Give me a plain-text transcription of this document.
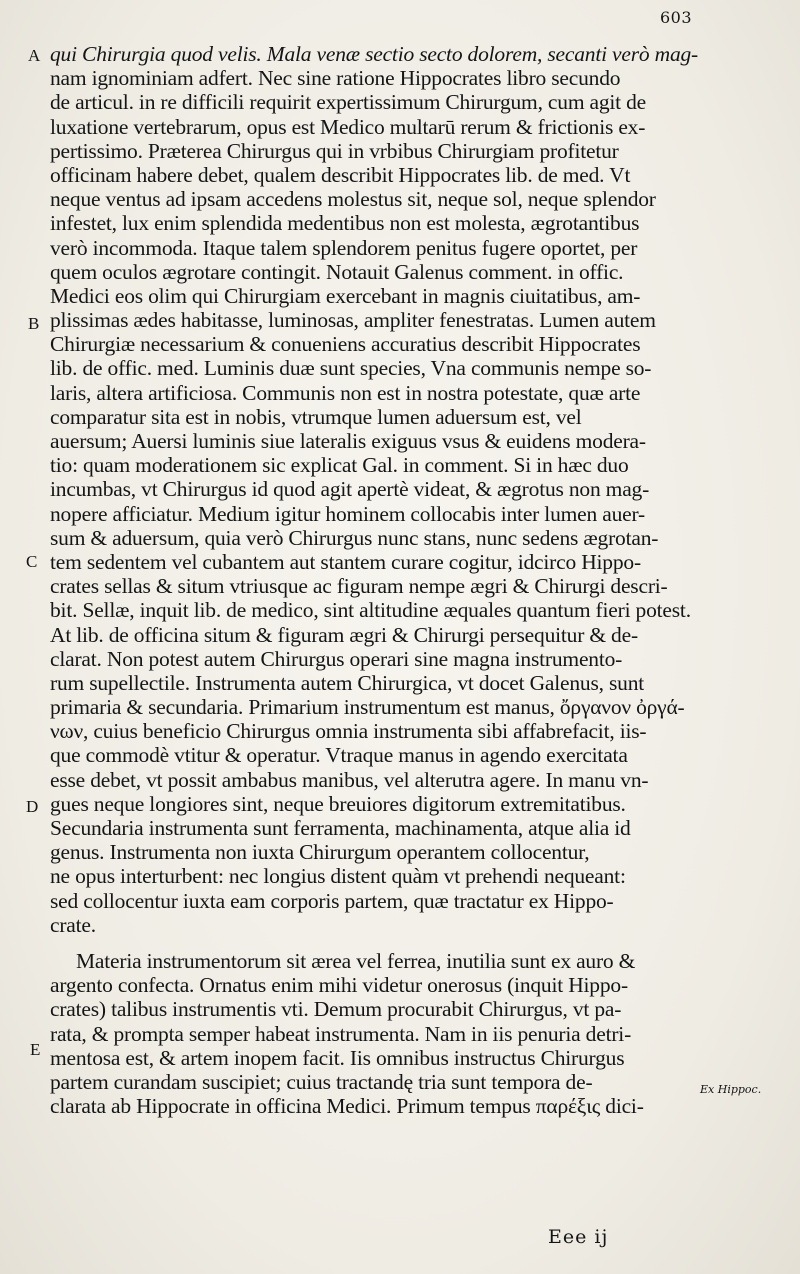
603
A
B
C
D
E
qui Chirurgia quod velis. Mala venæ sectio secto dolorem, secanti verò mag-
nam ignominiam adfert. Nec sine ratione Hippocrates libro secundo
de articul. in re difficili requirit expertissimum Chirurgum, cum agit de
luxatione vertebrarum, opus est Medico multarū rerum & frictionis ex-
pertissimo. Præterea Chirurgus qui in vrbibus Chirurgiam profitetur
officinam habere debet, qualem describit Hippocrates lib. de med. Vt
neque ventus ad ipsam accedens molestus sit, neque sol, neque splendor
infestet, lux enim splendida medentibus non est molesta, ægrotantibus
verò incommoda. Itaque talem splendorem penitus fugere oportet, per
quem oculos ægrotare contingit. Notauit Galenus comment. in offic.
Medici eos olim qui Chirurgiam exercebant in magnis ciuitatibus, am-
plissimas ædes habitasse, luminosas, ampliter fenestratas. Lumen autem
Chirurgiæ necessarium & conueniens accuratius describit Hippocrates
lib. de offic. med. Luminis duæ sunt species, Vna communis nempe so-
laris, altera artificiosa. Communis non est in nostra potestate, quæ arte
comparatur sita est in nobis, vtrumque lumen aduersum est, vel
auersum; Auersi luminis siue lateralis exiguus vsus & euidens modera-
tio: quam moderationem sic explicat Gal. in comment. Si in hæc duo
incumbas, vt Chirurgus id quod agit apertè videat, & ægrotus non mag-
nopere afficiatur. Medium igitur hominem collocabis inter lumen auer-
sum & aduersum, quia verò Chirurgus nunc stans, nunc sedens ægrotan-
tem sedentem vel cubantem aut stantem curare cogitur, idcirco Hippo-
crates sellas & situm vtriusque ac figuram nempe ægri & Chirurgi descri-
bit. Sellæ, inquit lib. de medico, sint altitudine æquales quantum fieri potest.
At lib. de officina situm & figuram ægri & Chirurgi persequitur & de-
clarat. Non potest autem Chirurgus operari sine magna instrumento-
rum supellectile. Instrumenta autem Chirurgica, vt docet Galenus, sunt
primaria & secundaria. Primarium instrumentum est manus, ὄργανον ὀργά-
νων, cuius beneficio Chirurgus omnia instrumenta sibi affabrefacit, iis-
que commodè vtitur & operatur. Vtraque manus in agendo exercitata
esse debet, vt possit ambabus manibus, vel alterutra agere. In manu vn-
gues neque longiores sint, neque breuiores digitorum extremitatibus.
Secundaria instrumenta sunt ferramenta, machinamenta, atque alia id
genus. Instrumenta non iuxta Chirurgum operantem collocentur,
ne opus interturbent: nec longius distent quàm vt prehendi nequeant:
sed collocentur iuxta eam corporis partem, quæ tractatur ex Hippo-
crate.
Materia instrumentorum sit ærea vel ferrea, inutilia sunt ex auro &
argento confecta. Ornatus enim mihi videtur onerosus (inquit Hippo-
crates) talibus instrumentis vti. Demum procurabit Chirurgus, vt pa-
rata, & prompta semper habeat instrumenta. Nam in iis penuria detri-
mentosa est, & artem inopem facit. Iis omnibus instructus Chirurgus
partem curandam suscipiet; cuius tractandę tria sunt tempora de-
clarata ab Hippocrate in officina Medici. Primum tempus παρέξις dici-
Ex Hippoc.
Eee ij
